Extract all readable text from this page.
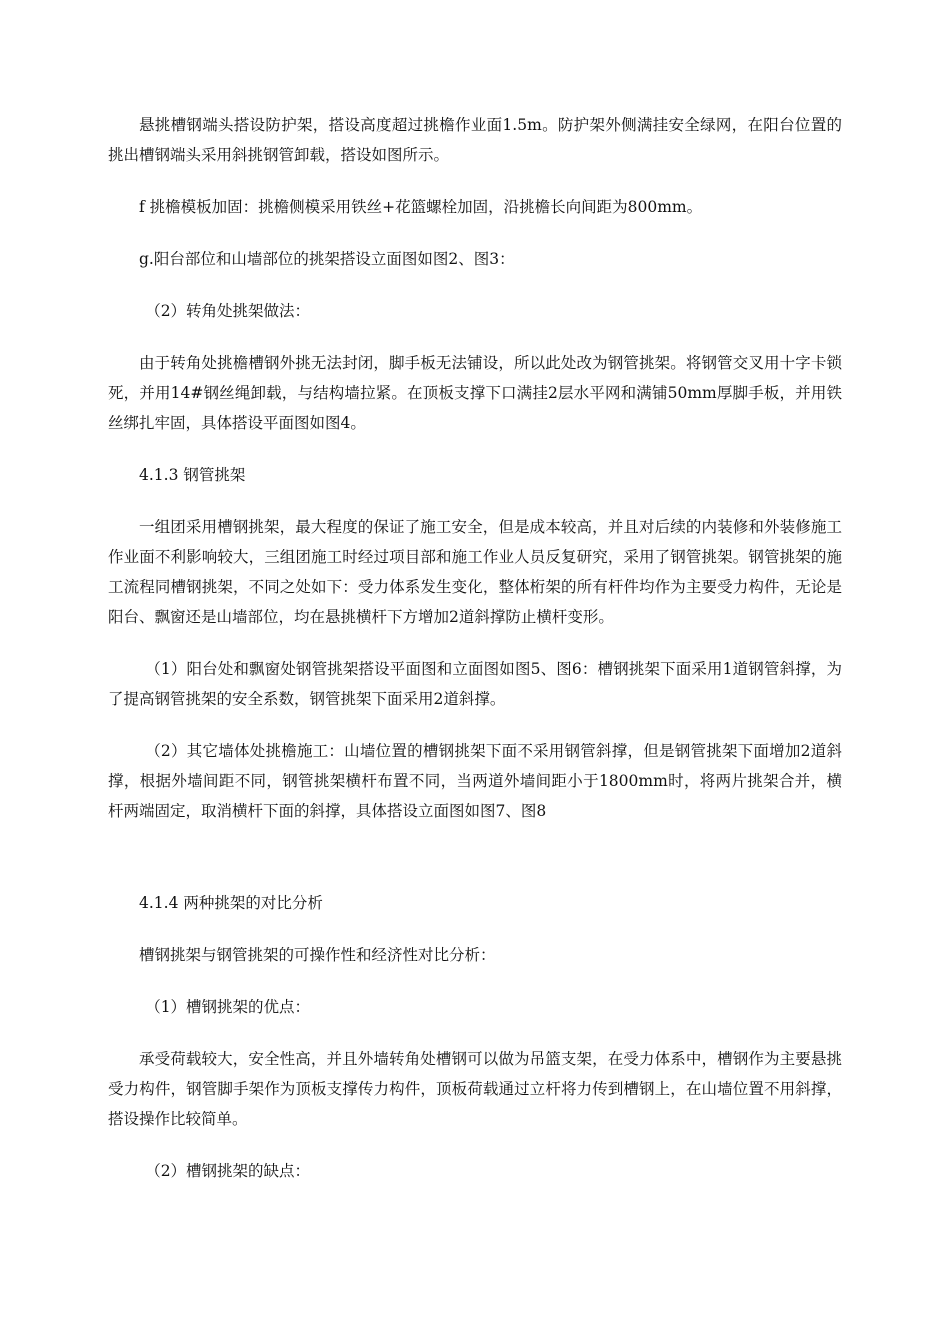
悬挑槽钢端头搭设防护架，搭设高度超过挑檐作业面1.5m。防护架外侧满挂安全绿网，在阳台位置的挑出槽钢端头采用斜挑钢管卸载，搭设如图所示。

f 挑檐模板加固：挑檐侧模采用铁丝+花篮螺栓加固，沿挑檐长向间距为800mm。

g.阳台部位和山墙部位的挑架搭设立面图如图2、图3：

（2）转角处挑架做法：

由于转角处挑檐槽钢外挑无法封闭，脚手板无法铺设，所以此处改为钢管挑架。将钢管交叉用十字卡锁死，并用14#钢丝绳卸载，与结构墙拉紧。在顶板支撑下口满挂2层水平网和满铺50mm厚脚手板，并用铁丝绑扎牢固，具体搭设平面图如图4。

4.1.3 钢管挑架

一组团采用槽钢挑架，最大程度的保证了施工安全，但是成本较高，并且对后续的内装修和外装修施工作业面不利影响较大，三组团施工时经过项目部和施工作业人员反复研究，采用了钢管挑架。钢管挑架的施工流程同槽钢挑架，不同之处如下：受力体系发生变化，整体桁架的所有杆件均作为主要受力构件，无论是阳台、飘窗还是山墙部位，均在悬挑横杆下方增加2道斜撑防止横杆变形。

（1）阳台处和飘窗处钢管挑架搭设平面图和立面图如图5、图6：槽钢挑架下面采用1道钢管斜撑，为了提高钢管挑架的安全系数，钢管挑架下面采用2道斜撑。

（2）其它墙体处挑檐施工：山墙位置的槽钢挑架下面不采用钢管斜撑，但是钢管挑架下面增加2道斜撑，根据外墙间距不同，钢管挑架横杆布置不同，当两道外墙间距小于1800mm时，将两片挑架合并，横杆两端固定，取消横杆下面的斜撑，具体搭设立面图如图7、图8

4.1.4 两种挑架的对比分析

槽钢挑架与钢管挑架的可操作性和经济性对比分析：

（1）槽钢挑架的优点：

承受荷载较大，安全性高，并且外墙转角处槽钢可以做为吊篮支架，在受力体系中，槽钢作为主要悬挑受力构件，钢管脚手架作为顶板支撑传力构件，顶板荷载通过立杆将力传到槽钢上，在山墙位置不用斜撑，搭设操作比较简单。

（2）槽钢挑架的缺点：
